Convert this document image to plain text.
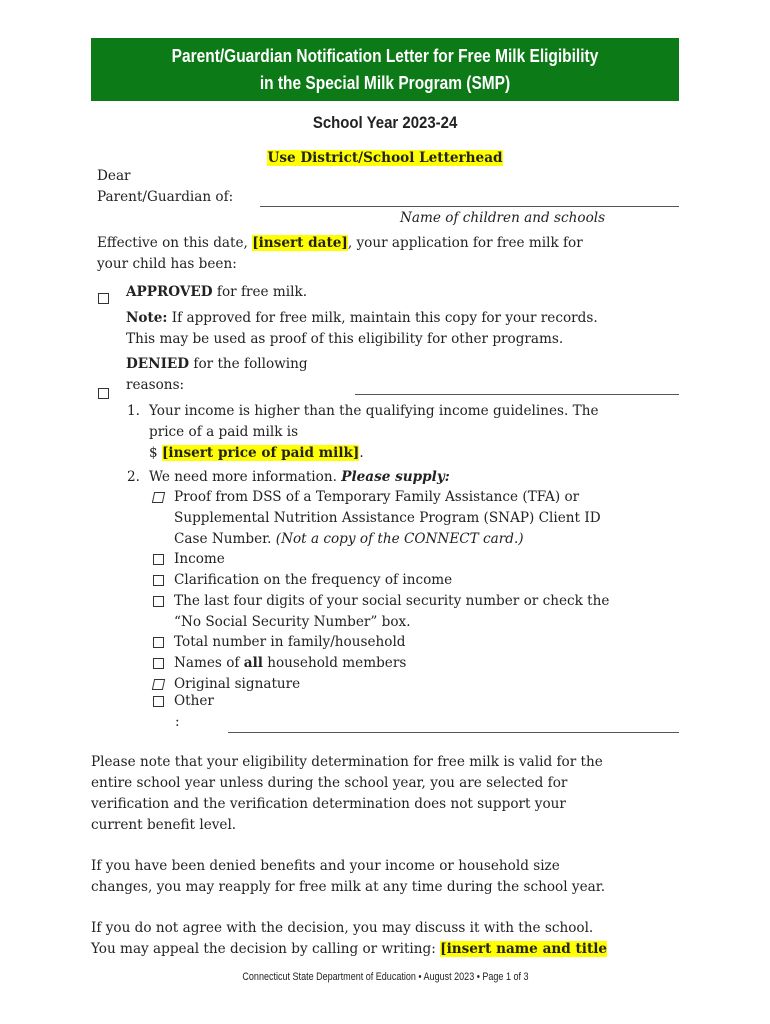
Parent/Guardian Notification Letter for Free Milk Eligibility
in the Special Milk Program (SMP)
School Year 2023-24
Use District/School Letterhead
Dear
Parent/Guardian of:
Name of children and schools
Effective on this date, [insert date], your application for free milk for
your child has been:
APPROVED for free milk.
Note: If approved for free milk, maintain this copy for your records.
This may be used as proof of this eligibility for other programs.
DENIED for the following
reasons:
1. Your income is higher than the qualifying income guidelines. The
price of a paid milk is
$ [insert price of paid milk].
2. We need more information. Please supply:
Proof from DSS of a Temporary Family Assistance (TFA) or
Supplemental Nutrition Assistance Program (SNAP) Client ID
Case Number. (Not a copy of the CONNECT card.)
Income
Clarification on the frequency of income
The last four digits of your social security number or check the
“No Social Security Number” box.
Total number in family/household
Names of all household members
Original signature
Other
:
Please note that your eligibility determination for free milk is valid for the
entire school year unless during the school year, you are selected for
verification and the verification determination does not support your
current benefit level.
If you have been denied benefits and your income or household size
changes, you may reapply for free milk at any time during the school year.
If you do not agree with the decision, you may discuss it with the school.
You may appeal the decision by calling or writing: [insert name and title
Connecticut State Department of Education • August 2023 • Page 1 of 3
